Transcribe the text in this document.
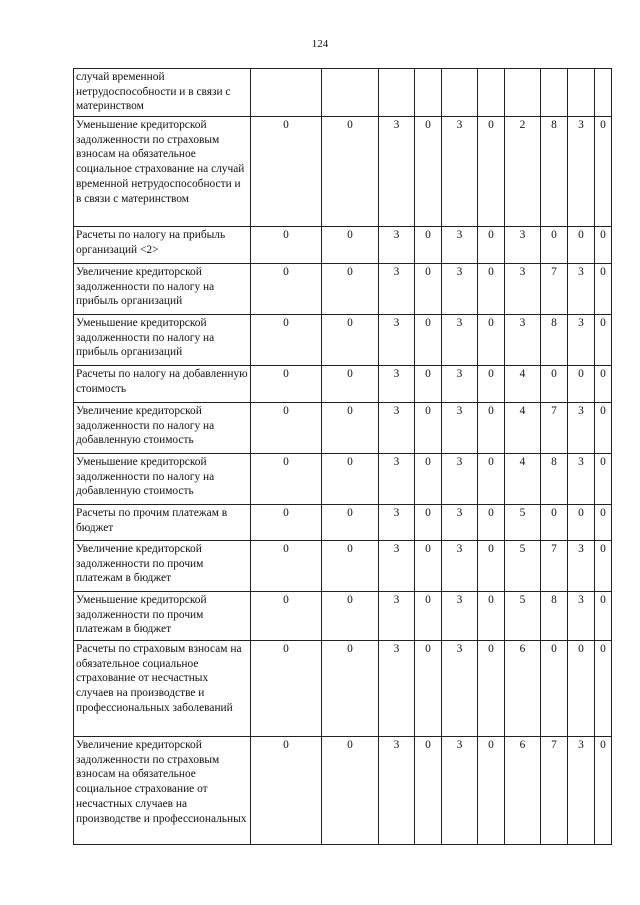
124
случай временной нетрудоспособности и в связи с материнством											
Уменьшение кредиторской задолженности по страховым взносам на обязательное социальное страхование на случай временной нетрудоспособности и в связи с материнством	0	0	3	0	3	0	2	8	3	0	
Расчеты по налогу на прибыль организаций <2>	0	0	3	0	3	0	3	0	0	0	
Увеличение кредиторской задолженности по налогу на прибыль организаций	0	0	3	0	3	0	3	7	3	0	
Уменьшение кредиторской задолженности по налогу на прибыль организаций	0	0	3	0	3	0	3	8	3	0	
Расчеты по налогу на добавленную стоимость	0	0	3	0	3	0	4	0	0	0	
Увеличение кредиторской задолженности по налогу на добавленную стоимость	0	0	3	0	3	0	4	7	3	0	
Уменьшение кредиторской задолженности по налогу на добавленную стоимость	0	0	3	0	3	0	4	8	3	0	
Расчеты по прочим платежам в бюджет	0	0	3	0	3	0	5	0	0	0	
Увеличение кредиторской задолженности по прочим платежам в бюджет	0	0	3	0	3	0	5	7	3	0	
Уменьшение кредиторской задолженности по прочим платежам в бюджет	0	0	3	0	3	0	5	8	3	0	
Расчеты по страховым взносам на обязательное социальное страхование от несчастных случаев на производстве и профессиональных заболеваний	0	0	3	0	3	0	6	0	0	0	
Увеличение кредиторской задолженности по страховым взносам на обязательное социальное страхование от несчастных случаев на производстве и профессиональных	0	0	3	0	3	0	6	7	3	0	
